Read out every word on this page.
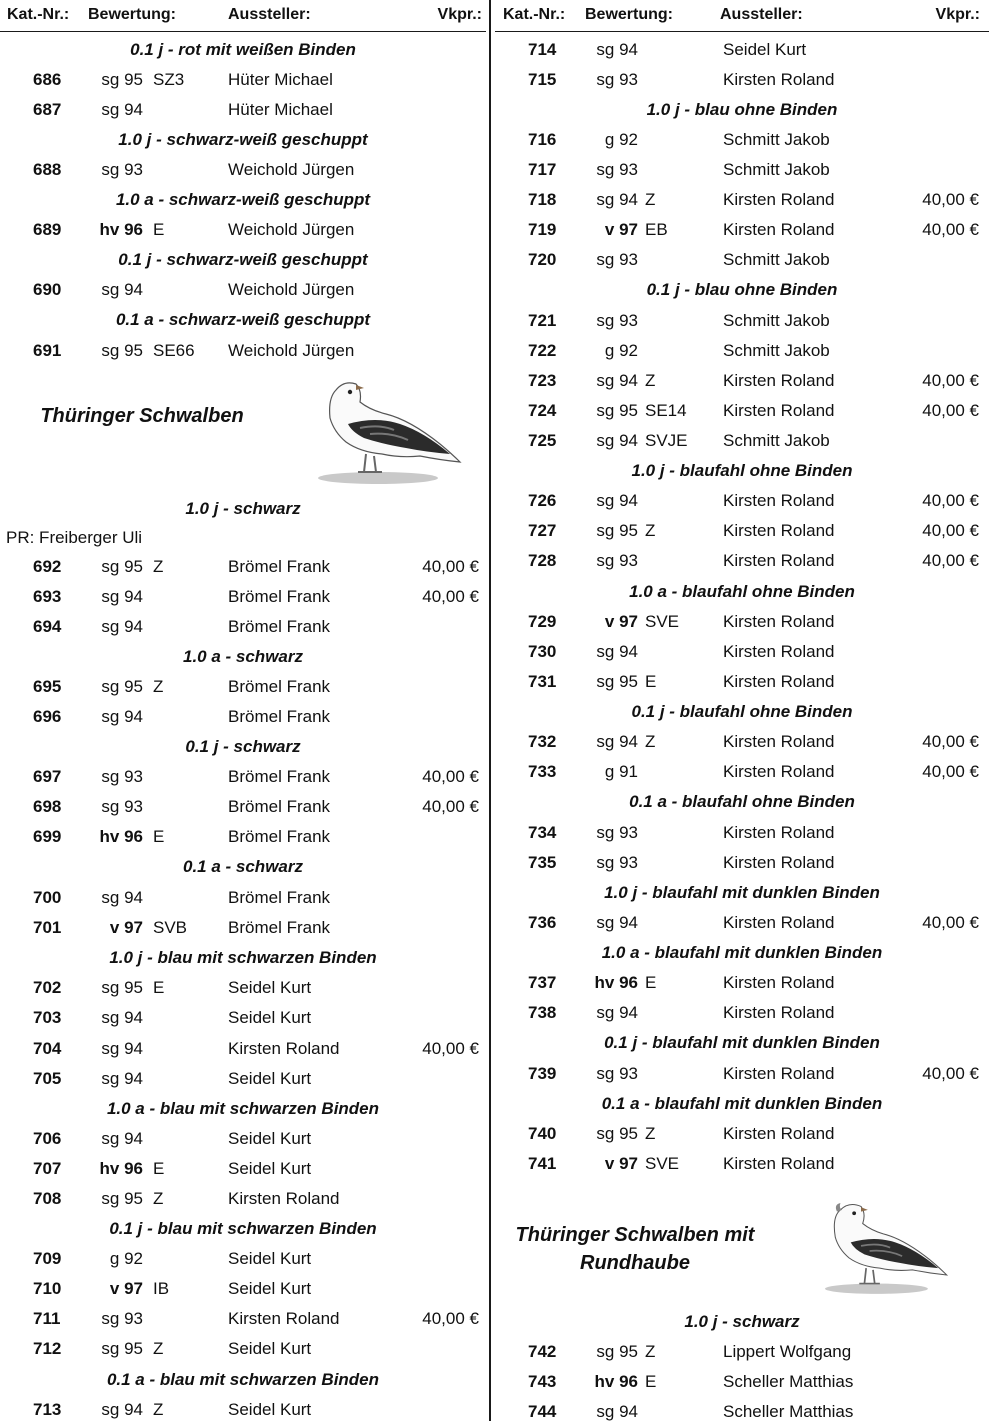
Kat.-Nr.: Bewertung:	Aussteller:	Vkpr.:
0.1 j - rot mit weißen Binden
Thüringer Schwalben
PR: Freiberger Uli
686 sg 95 SZ3	Hüter Michael
687 sg 94	Hüter Michael
1.0 j - schwarz-weiß geschuppt
688 sg 93	Weichold Jürgen
1.0 a - schwarz-weiß geschuppt
689 hv 96 E	Weichold Jürgen
0.1 j - schwarz-weiß geschuppt
690 sg 94	Weichold Jürgen
0.1 a - schwarz-weiß geschuppt
691 sg 95 SE66 Weichold Jürgen
1.0 j - schwarz
692 sg 95 Z	Brömel Frank	40,00 €
693 sg 94	Brömel Frank	40,00 €
694 sg 94	Brömel Frank
1.0 a - schwarz
695 sg 95 Z	Brömel Frank
696 sg 94	Brömel Frank
0.1 j - schwarz
697 sg 93	Brömel Frank	40,00 €
698 sg 93	Brömel Frank	40,00 €
699 hv 96 E	Brömel Frank
0.1 a - schwarz
700 sg 94	Brömel Frank
701	v 97 SVB Brömel Frank
1.0 j - blau mit schwarzen Binden
702 sg 95 E	Seidel Kurt
703 sg 94	Seidel Kurt
704 sg 94	Kirsten Roland	40,00 €
705 sg 94	Seidel Kurt
1.0 a - blau mit schwarzen Binden
706 sg 94	Seidel Kurt
707 hv 96 E	Seidel Kurt
708 sg 95 Z	Kirsten Roland
0.1 j - blau mit schwarzen Binden
709	g 92	Seidel Kurt
710	v 97 IB	Seidel Kurt
711 sg 93	Kirsten Roland	40,00 €
712 sg 95 Z	Seidel Kurt
0.1 a - blau mit schwarzen Binden
713 sg 94 Z	Seidel Kurt
Kat.-Nr.: Bewertung:	Aussteller:	Vkpr.:
Thüringer Schwalben mit
Rundhaube
714 sg 94	Seidel Kurt
715 sg 93	Kirsten Roland
1.0 j - blau ohne Binden
716	g 92	Schmitt Jakob
717 sg 93	Schmitt Jakob
718 sg 94 Z	Kirsten Roland	40,00 €
719	v 97 EB	Kirsten Roland	40,00 €
720 sg 93	Schmitt Jakob
0.1 j - blau ohne Binden
721 sg 93	Schmitt Jakob
722	g 92	Schmitt Jakob
723 sg 94 Z	Kirsten Roland	40,00 €
724 sg 95 SE14 Kirsten Roland	40,00 €
725 sg 94 SVJE Schmitt Jakob
1.0 j - blaufahl ohne Binden
726 sg 94	Kirsten Roland	40,00 €
727 sg 95 Z	Kirsten Roland	40,00 €
728 sg 93	Kirsten Roland	40,00 €
1.0 a - blaufahl ohne Binden
729	v 97 SVE	Kirsten Roland
730 sg 94	Kirsten Roland
731 sg 95 E	Kirsten Roland
0.1 j - blaufahl ohne Binden
732 sg 94 Z	Kirsten Roland	40,00 €
733	g 91	Kirsten Roland	40,00 €
0.1 a - blaufahl ohne Binden
734 sg 93	Kirsten Roland
735 sg 93	Kirsten Roland
1.0 j - blaufahl mit dunklen Binden
736 sg 94	Kirsten Roland	40,00 €
1.0 a - blaufahl mit dunklen Binden
737 hv 96 E	Kirsten Roland
738 sg 94	Kirsten Roland
0.1 j - blaufahl mit dunklen Binden
739 sg 93	Kirsten Roland	40,00 €
0.1 a - blaufahl mit dunklen Binden
740 sg 95 Z	Kirsten Roland
741	v 97 SVE	Kirsten Roland
1.0 j - schwarz
742 sg 95 Z	Lippert Wolfgang
743 hv 96 E	Scheller Matthias
744 sg 94	Scheller Matthias
